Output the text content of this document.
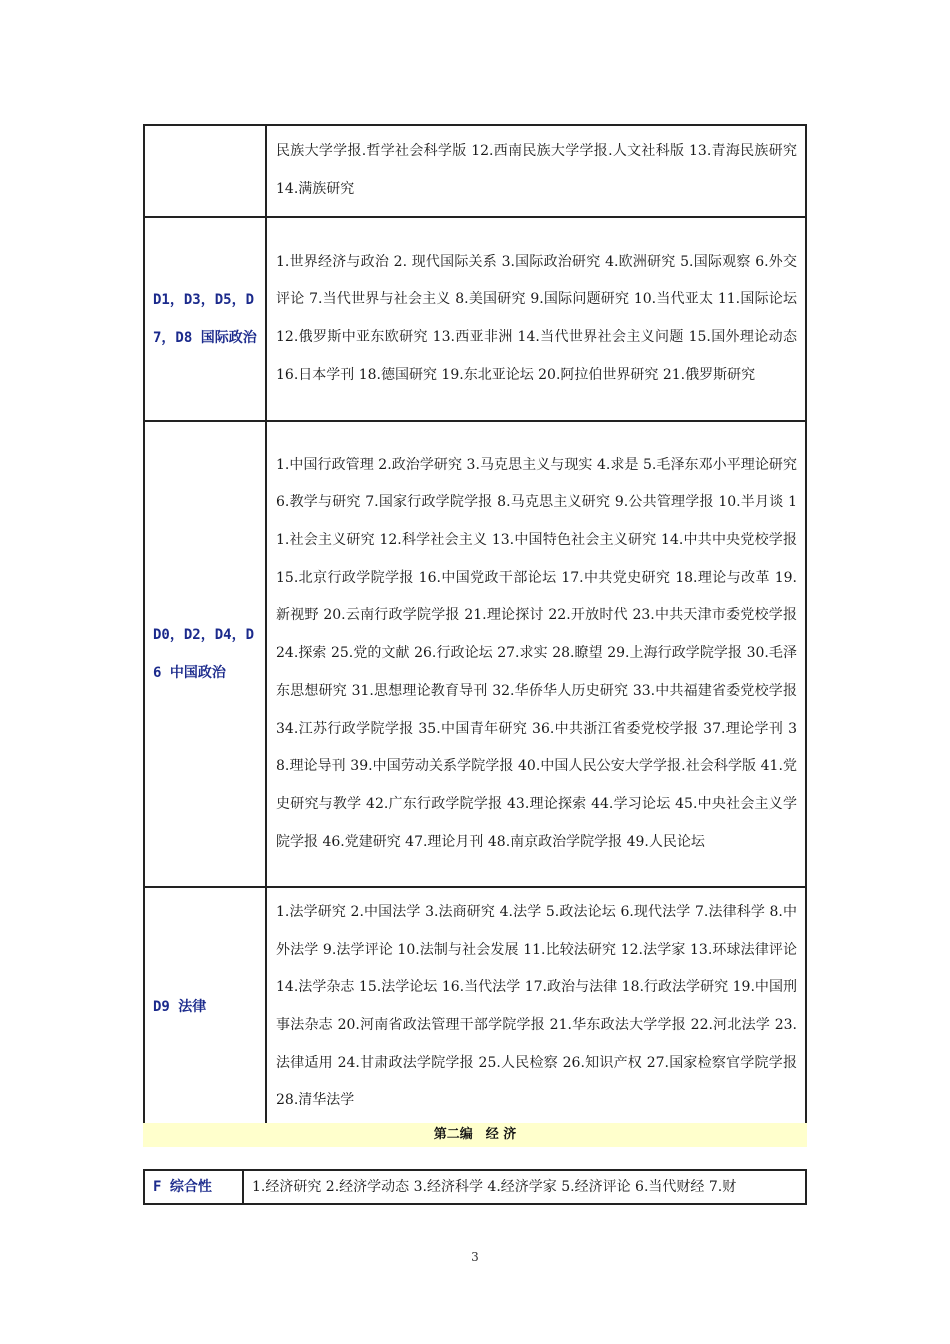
	民族大学学报.哲学社会科学版 12.西南民族大学学报.人文社科版 13.青海民族研究 14.满族研究
D1，D3，D5，D7，D8 国际政治	1.世界经济与政治 2. 现代国际关系 3.国际政治研究 4.欧洲研究 5.国际观察 6.外交评论 7.当代世界与社会主义 8.美国研究 9.国际问题研究 10.当代亚太 11.国际论坛 12.俄罗斯中亚东欧研究 13.西亚非洲 14.当代世界社会主义问题 15.国外理论动态 16.日本学刊 18.德国研究 19.东北亚论坛 20.阿拉伯世界研究 21.俄罗斯研究
D0，D2，D4，D6 中国政治	1.中国行政管理 2.政治学研究 3.马克思主义与现实 4.求是 5.毛泽东邓小平理论研究 6.教学与研究 7.国家行政学院学报 8.马克思主义研究 9.公共管理学报 10.半月谈 11.社会主义研究 12.科学社会主义 13.中国特色社会主义研究 14.中共中央党校学报 15.北京行政学院学报 16.中国党政干部论坛 17.中共党史研究 18.理论与改革 19.新视野 20.云南行政学院学报 21.理论探讨 22.开放时代 23.中共天津市委党校学报 24.探索 25.党的文献 26.行政论坛 27.求实 28.瞭望 29.上海行政学院学报 30.毛泽东思想研究 31.思想理论教育导刊 32.华侨华人历史研究 33.中共福建省委党校学报 34.江苏行政学院学报 35.中国青年研究 36.中共浙江省委党校学报 37.理论学刊 38.理论导刊 39.中国劳动关系学院学报 40.中国人民公安大学学报.社会科学版 41.党史研究与教学 42.广东行政学院学报 43.理论探索 44.学习论坛 45.中央社会主义学院学报 46.党建研究 47.理论月刊 48.南京政治学院学报 49.人民论坛
D9 法律	1.法学研究 2.中国法学 3.法商研究 4.法学 5.政法论坛 6.现代法学 7.法律科学 8.中外法学 9.法学评论 10.法制与社会发展 11.比较法研究 12.法学家 13.环球法律评论 14.法学杂志 15.法学论坛 16.当代法学 17.政治与法律 18.行政法学研究 19.中国刑事法杂志 20.河南省政法管理干部学院学报 21.华东政法大学学报 22.河北法学 23.法律适用 24.甘肃政法学院学报 25.人民检察 26.知识产权 27.国家检察官学院学报 28.清华法学
第二编　经 济
F 综合性	1.经济研究 2.经济学动态 3.经济科学 4.经济学家 5.经济评论 6.当代财经 7.财
3
